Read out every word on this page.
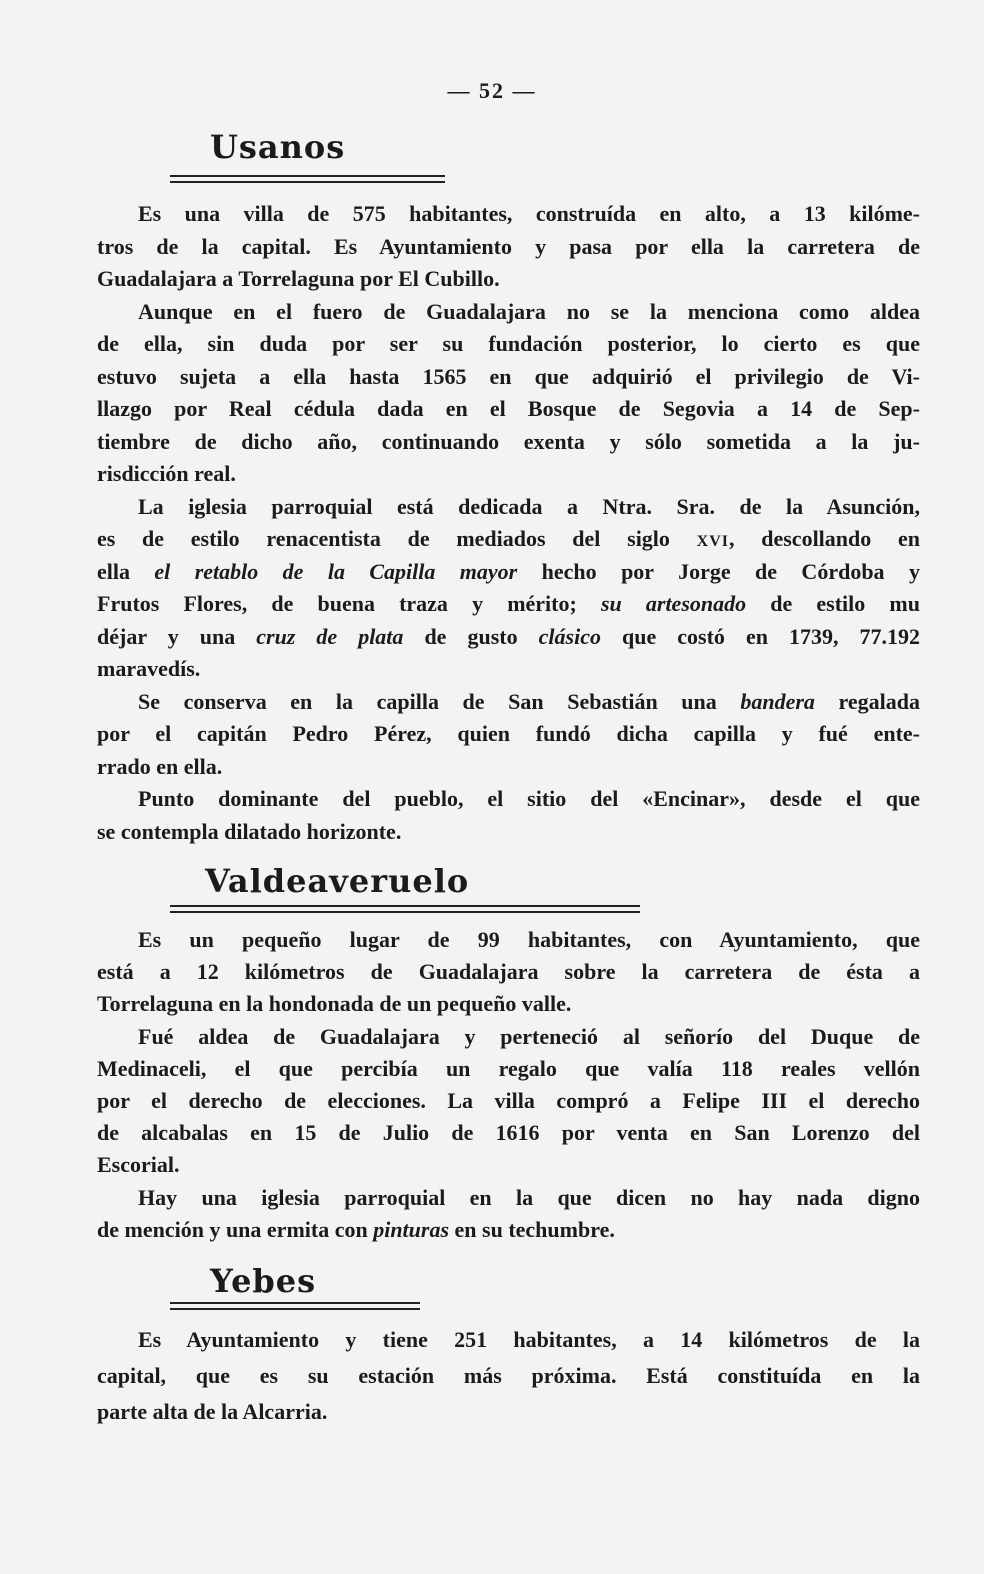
— 52 —
Usanos
Es una villa de 575 habitantes, construída en alto, a 13 kilóme-
tros de la capital. Es Ayuntamiento y pasa por ella la carretera de
Guadalajara a Torrelaguna por El Cubillo.
Aunque en el fuero de Guadalajara no se la menciona como aldea
de ella, sin duda por ser su fundación posterior, lo cierto es que
estuvo sujeta a ella hasta 1565 en que adquirió el privilegio de Vi-
llazgo por Real cédula dada en el Bosque de Segovia a 14 de Sep-
tiembre de dicho año, continuando exenta y sólo sometida a la ju-
risdicción real.
La iglesia parroquial está dedicada a Ntra. Sra. de la Asunción,
es de estilo renacentista de mediados del siglo XVI, descollando en
ella el retablo de la Capilla mayor hecho por Jorge de Córdoba y
Frutos Flores, de buena traza y mérito; su artesonado de estilo mu
déjar y una cruz de plata de gusto clásico que costó en 1739, 77.192
maravedís.
Se conserva en la capilla de San Sebastián una bandera regalada
por el capitán Pedro Pérez, quien fundó dicha capilla y fué ente-
rrado en ella.
Punto dominante del pueblo, el sitio del «Encinar», desde el que
se contempla dilatado horizonte.
Valdeaveruelo
Es un pequeño lugar de 99 habitantes, con Ayuntamiento, que
está a 12 kilómetros de Guadalajara sobre la carretera de ésta a
Torrelaguna en la hondonada de un pequeño valle.
Fué aldea de Guadalajara y perteneció al señorío del Duque de
Medinaceli, el que percibía un regalo que valía 118 reales vellón
por el derecho de elecciones. La villa compró a Felipe III el derecho
de alcabalas en 15 de Julio de 1616 por venta en San Lorenzo del
Escorial.
Hay una iglesia parroquial en la que dicen no hay nada digno
de mención y una ermita con pinturas en su techumbre.
Yebes
Es Ayuntamiento y tiene 251 habitantes, a 14 kilómetros de la
capital, que es su estación más próxima. Está constituída en la
parte alta de la Alcarria.
